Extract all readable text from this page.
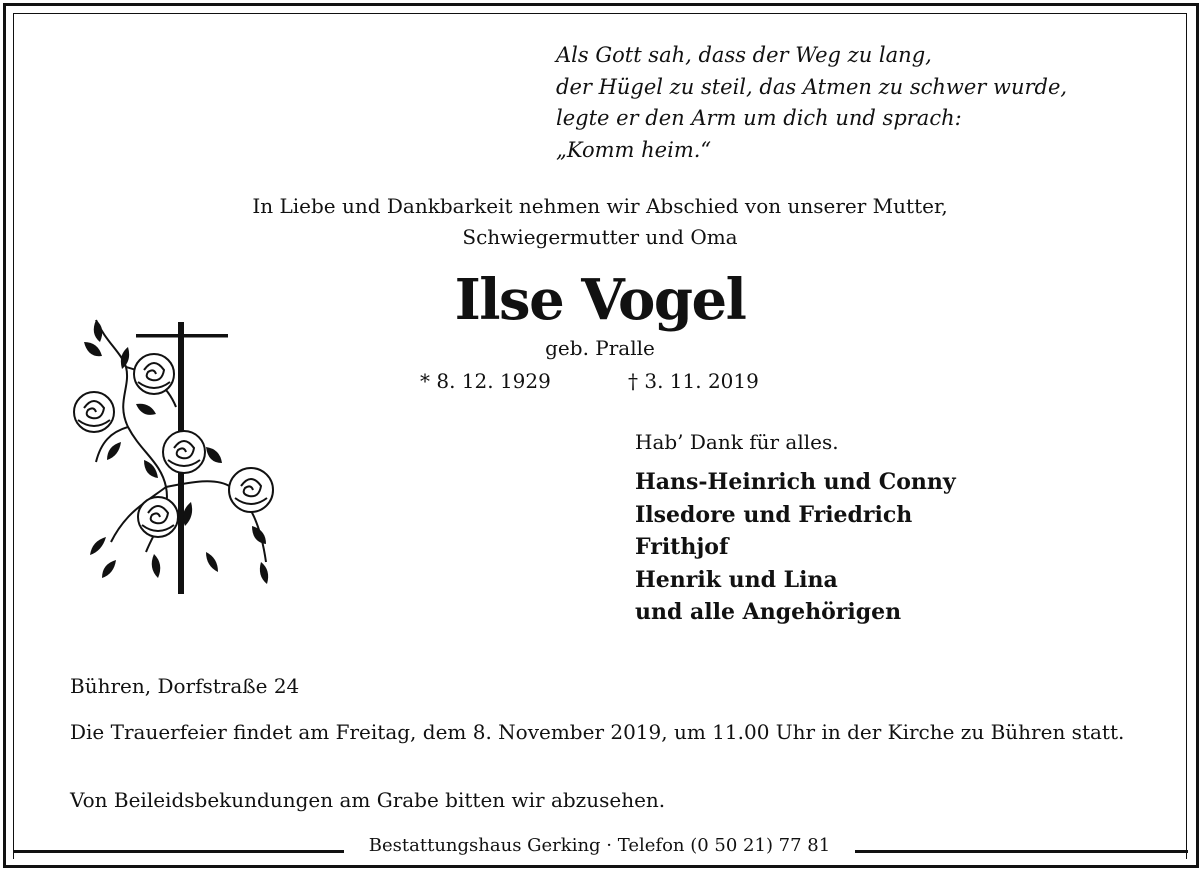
Als Gott sah, dass der Weg zu lang,
der Hügel zu steil, das Atmen zu schwer wurde,
legte er den Arm um dich und sprach:
„Komm heim.“
In Liebe und Dankbarkeit nehmen wir Abschied von unserer Mutter,
Schwiegermutter und Oma
Ilse Vogel
geb. Pralle
* 8. 12. 1929	† 3. 11. 2019
Hab’ Dank für alles.
Hans-Heinrich und Conny
Ilsedore und Friedrich
Frithjof
Henrik und Lina
und alle Angehörigen
Bühren, Dorfstraße 24
Die Trauerfeier findet am Freitag, dem 8. November 2019, um 11.00 Uhr in der Kirche zu Bühren statt.
Von Beileidsbekundungen am Grabe bitten wir abzusehen.
Bestattungshaus Gerking · Telefon (0 50 21) 77 81
